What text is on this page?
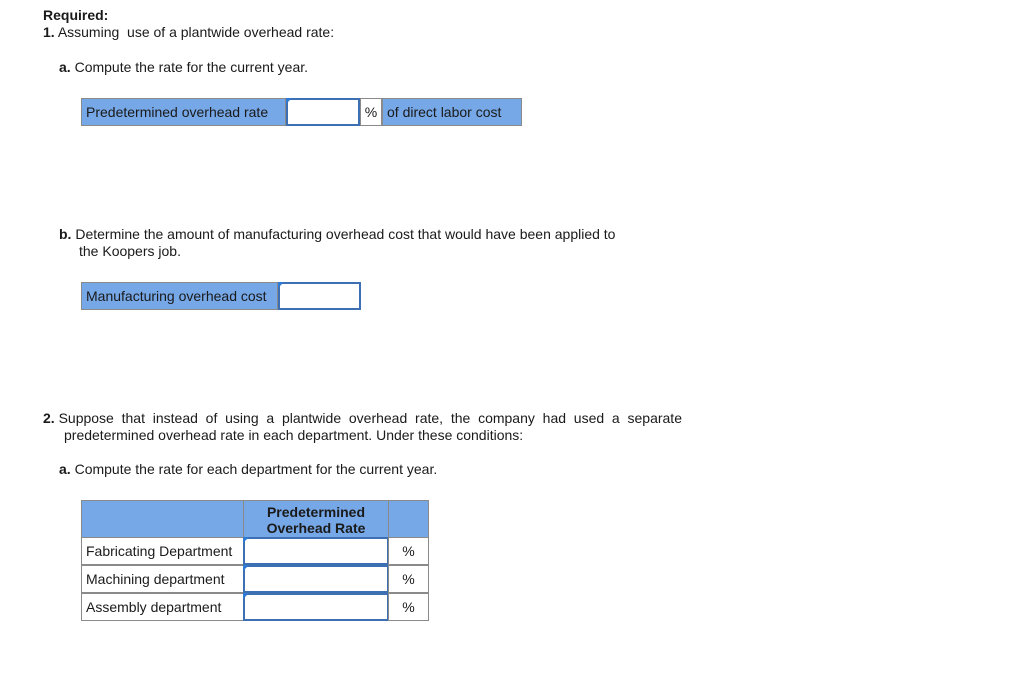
Required:
1. Assuming  use of a plantwide overhead rate:
a. Compute the rate for the current year.
Predetermined overhead rate	% of direct labor cost
b. Determine the amount of manufacturing overhead cost that would have been applied to
the Koopers job.
Manufacturing overhead cost
2. Suppose  that  instead  of  using  a  plantwide  overhead  rate,  the  company  had  used  a  separate
predetermined overhead rate in each department. Under these conditions:
a. Compute the rate for each department for the current year.
Predetermined
Overhead Rate
Fabricating Department	%
Machining department	%
Assembly department	%
